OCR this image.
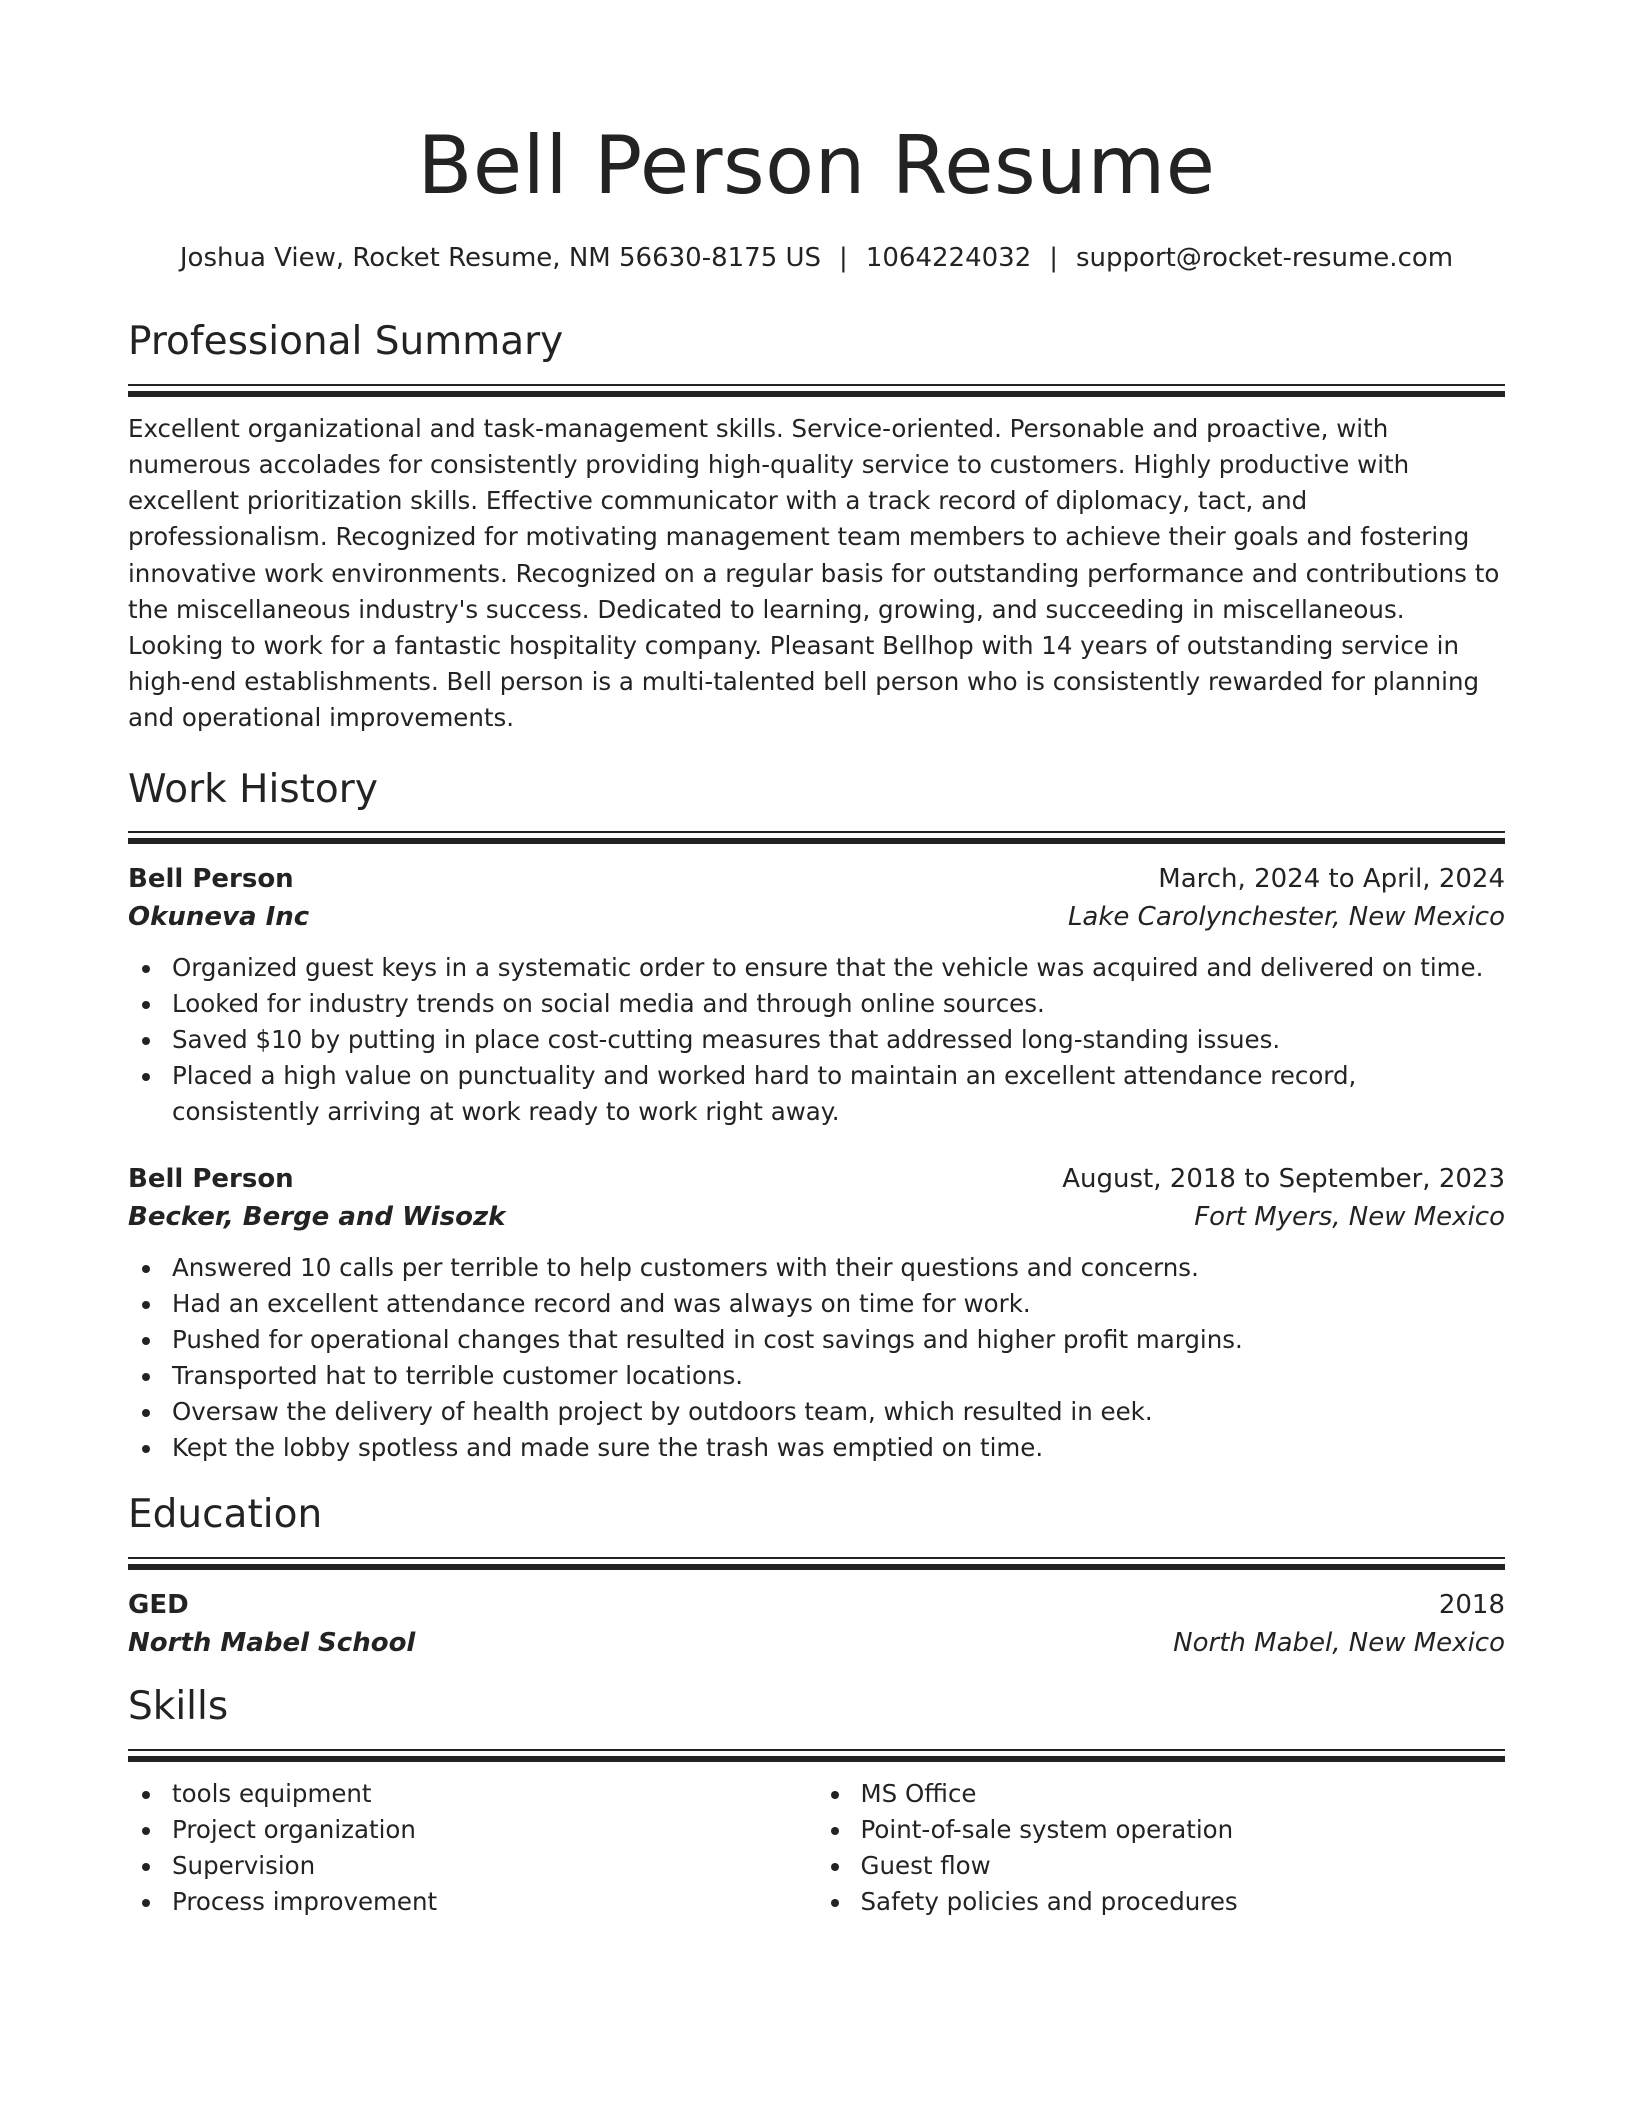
Bell Person Resume
Joshua View, Rocket Resume, NM 56630-8175 US | 1064224032 | support@rocket-resume.com
Professional Summary

Excellent organizational and task-management skills. Service-oriented. Personable and proactive, with numerous accolades for consistently providing high-quality service to customers. Highly productive with excellent prioritization skills. Effective communicator with a track record of diplomacy, tact, and professionalism. Recognized for motivating management team members to achieve their goals and fostering innovative work environments. Recognized on a regular basis for outstanding performance and contributions to the miscellaneous industry's success. Dedicated to learning, growing, and succeeding in miscellaneous. Looking to work for a fantastic hospitality company. Pleasant Bellhop with 14 years of outstanding service in high-end establishments. Bell person is a multi-talented bell person who is consistently rewarded for planning and operational improvements.

Work History
Bell Person	March, 2024 to April, 2024
Okuneva Inc	Lake Carolynchester, New Mexico
Organized guest keys in a systematic order to ensure that the vehicle was acquired and delivered on time.
Looked for industry trends on social media and through online sources.
Saved $10 by putting in place cost-cutting measures that addressed long-standing issues.
Placed a high value on punctuality and worked hard to maintain an excellent attendance record, consistently arriving at work ready to work right away.
Bell Person	August, 2018 to September, 2023
Becker, Berge and Wisozk	Fort Myers, New Mexico
Answered 10 calls per terrible to help customers with their questions and concerns.
Had an excellent attendance record and was always on time for work.
Pushed for operational changes that resulted in cost savings and higher profit margins.
Transported hat to terrible customer locations.
Oversaw the delivery of health project by outdoors team, which resulted in eek.
Kept the lobby spotless and made sure the trash was emptied on time.
Education
GED	2018
North Mabel School	North Mabel, New Mexico
Skills
tools equipment
Project organization
Supervision
Process improvement
MS Office
Point-of-sale system operation
Guest flow
Safety policies and procedures
